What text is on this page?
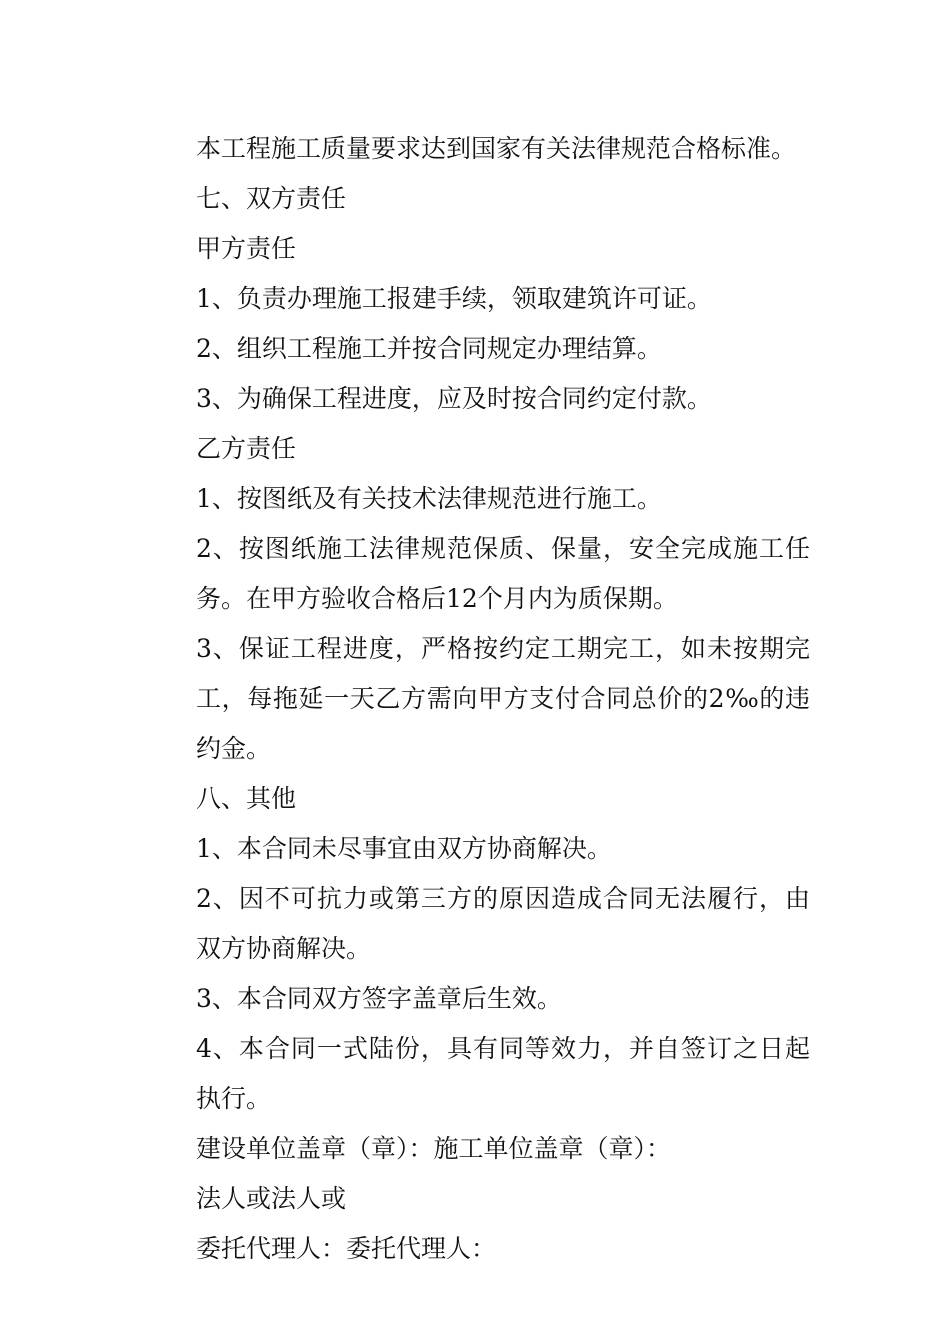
本工程施工质量要求达到国家有关法律规范合格标准。

七、双方责任

甲方责任

1、负责办理施工报建手续，领取建筑许可证。

2、组织工程施工并按合同规定办理结算。

3、为确保工程进度，应及时按合同约定付款。

乙方责任

1、按图纸及有关技术法律规范进行施工。

2、按图纸施工法律规范保质、保量，安全完成施工任务。在甲方验收合格后12个月内为质保期。

3、保证工程进度，严格按约定工期完工，如未按期完工，每拖延一天乙方需向甲方支付合同总价的2‰的违约金。

八、其他

1、本合同未尽事宜由双方协商解决。

2、因不可抗力或第三方的原因造成合同无法履行，由双方协商解决。

3、本合同双方签字盖章后生效。

4、本合同一式陆份，具有同等效力，并自签订之日起执行。

建设单位盖章（章）：施工单位盖章（章）：

法人或法人或

委托代理人：委托代理人：
